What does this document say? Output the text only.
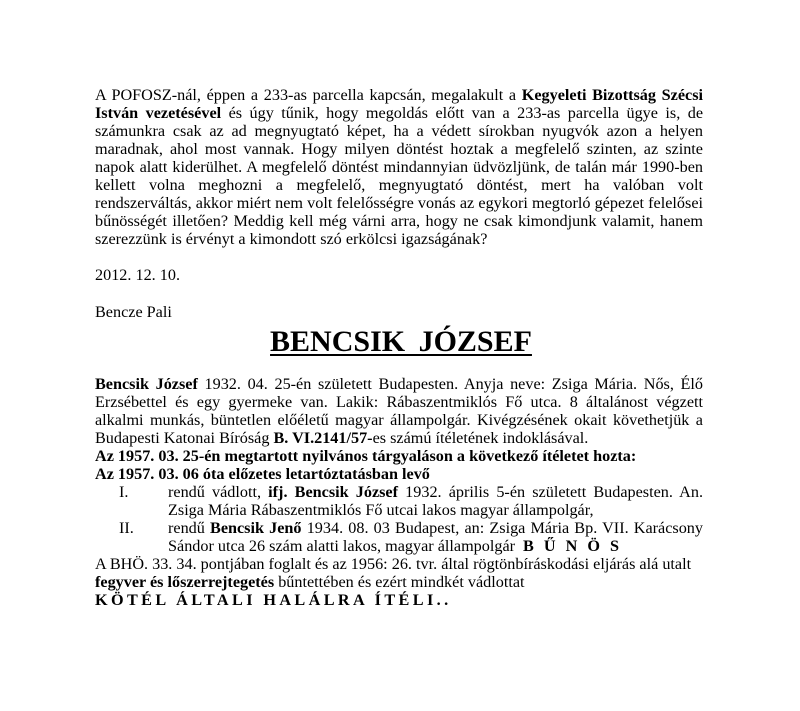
A POFOSZ-nál, éppen a 233-as parcella kapcsán, megalakult a Kegyeleti Bizottság Szécsi István vezetésével és úgy tűnik, hogy megoldás előtt van a 233-as parcella ügye is, de számunkra csak az ad megnyugtató képet, ha a védett sírokban nyugvók azon a helyen maradnak, ahol most vannak. Hogy milyen döntést hoztak a megfelelő szinten, az szinte napok alatt kiderülhet. A megfelelő döntést mindannyian üdvözljünk, de talán már 1990-ben kellett volna meghozni a megfelelő, megnyugtató döntést, mert ha valóban volt rendszerváltás, akkor miért nem volt felelősségre vonás az egykori megtorló gépezet felelősei bűnösségét illetően? Meddig kell még várni arra, hogy ne csak kimondjunk valamit, hanem szerezzünk is érvényt a kimondott szó erkölcsi igazságának?

2012. 12. 10.
Bencze Pali
BENCSIK JÓZSEF

Bencsik József 1932. 04. 25-én született Budapesten. Anyja neve: Zsiga Mária. Nős, Élő Erzsébettel és egy gyermeke van. Lakik: Rábaszentmiklós Fő utca. 8 általánost végzett alkalmi munkás, büntetlen előéletű magyar állampolgár. Kivégzésének okait követhetjük a Budapesti Katonai Bíróság B. VI.2141/57-es számú ítéletének indoklásával.

Az 1957. 03. 25-én megtartott nyilvános tárgyaláson a következő ítéletet hozta:

Az 1957. 03. 06 óta előzetes letartóztatásban levő

I. rendű vádlott, ifj. Bencsik József 1932. április 5-én született Budapesten. An. Zsiga Mária Rábaszentmiklós Fő utcai lakos magyar állampolgár,
II. rendű Bencsik Jenő 1934. 08. 03 Budapest, an: Zsiga Mária Bp. VII. Karácsony Sándor utca 26 szám alatti lakos, magyar állampolgár B Ű N Ö S
A BHÖ. 33. 34. pontjában foglalt és az 1956: 26. tvr. által rögtönbíráskodási eljárás alá utalt
fegyver és lőszerrejtegetés bűntettében és ezért mindkét vádlottat
KÖTÉL ÁLTALI HALÁLRA ÍTÉLI..
